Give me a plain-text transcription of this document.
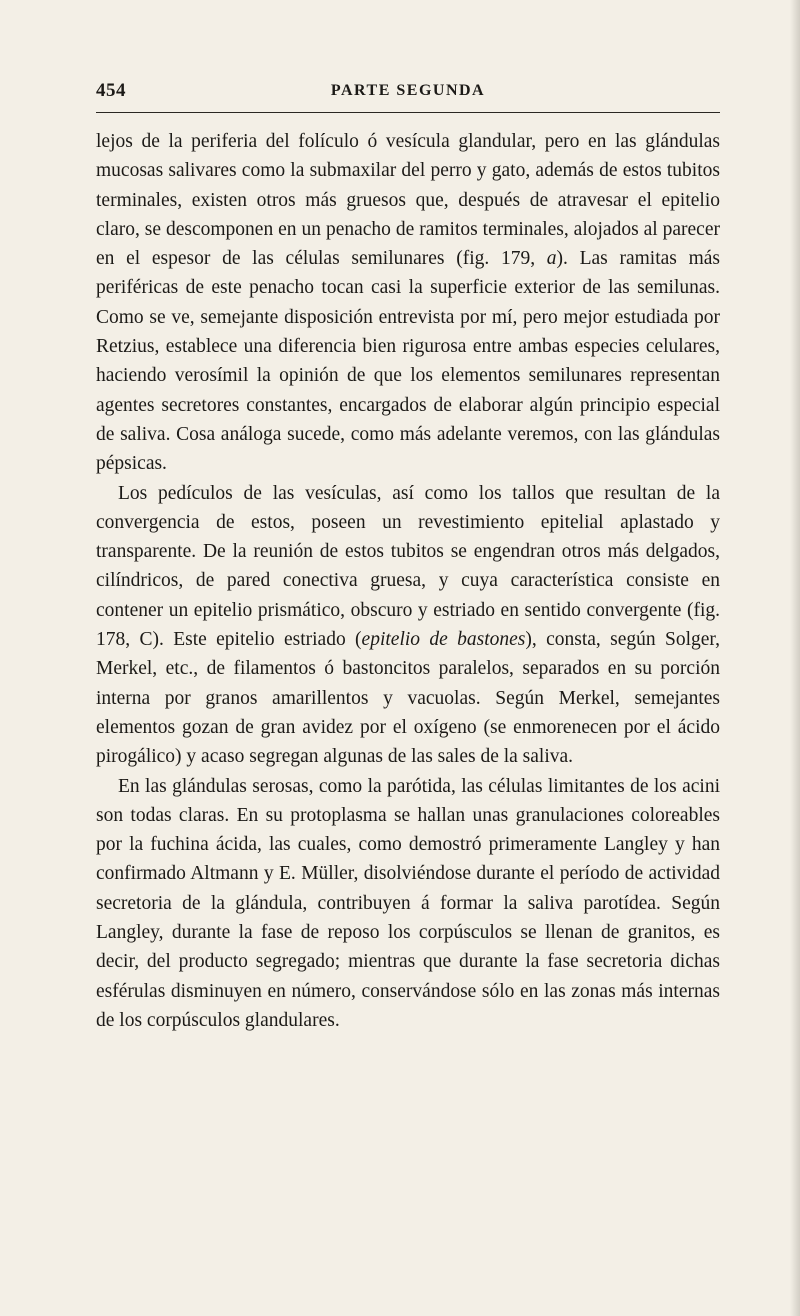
454	PARTE SEGUNDA

lejos de la periferia del folículo ó vesícula glandular, pero en las glándulas mucosas salivares como la submaxilar del perro y gato, además de estos tubitos terminales, existen otros más gruesos que, después de atravesar el epitelio claro, se descomponen en un penacho de ramitos terminales, alojados al parecer en el espesor de las células semilunares (fig. 179, a). Las ramitas más periféricas de este penacho tocan casi la superficie exterior de las semilunas. Como se ve, semejante disposición entrevista por mí, pero mejor estudiada por Retzius, establece una diferencia bien rigurosa entre ambas especies celulares, haciendo verosímil la opinión de que los elementos semilunares representan agentes secretores constantes, encargados de elaborar algún principio especial de saliva. Cosa análoga sucede, como más adelante veremos, con las glándulas pépsicas.

Los pedículos de las vesículas, así como los tallos que resultan de la convergencia de estos, poseen un revestimiento epitelial aplastado y transparente. De la reunión de estos tubitos se engendran otros más delgados, cilíndricos, de pared conectiva gruesa, y cuya característica consiste en contener un epitelio prismático, obscuro y estriado en sentido convergente (fig. 178, C). Este epitelio estriado (epitelio de bastones), consta, según Solger, Merkel, etc., de filamentos ó bastoncitos paralelos, separados en su porción interna por granos amarillentos y vacuolas. Según Merkel, semejantes elementos gozan de gran avidez por el oxígeno (se enmorenecen por el ácido pirogálico) y acaso segregan algunas de las sales de la saliva.

En las glándulas serosas, como la parótida, las células limitantes de los acini son todas claras. En su protoplasma se hallan unas granulaciones coloreables por la fuchina ácida, las cuales, como demostró primeramente Langley y han confirmado Altmann y E. Müller, disolviéndose durante el período de actividad secretoria de la glándula, contribuyen á formar la saliva parotídea. Según Langley, durante la fase de reposo los corpúsculos se llenan de granitos, es decir, del producto segregado; mientras que durante la fase secretoria dichas esférulas disminuyen en número, conservándose sólo en las zonas más internas de los corpúsculos glandulares.
